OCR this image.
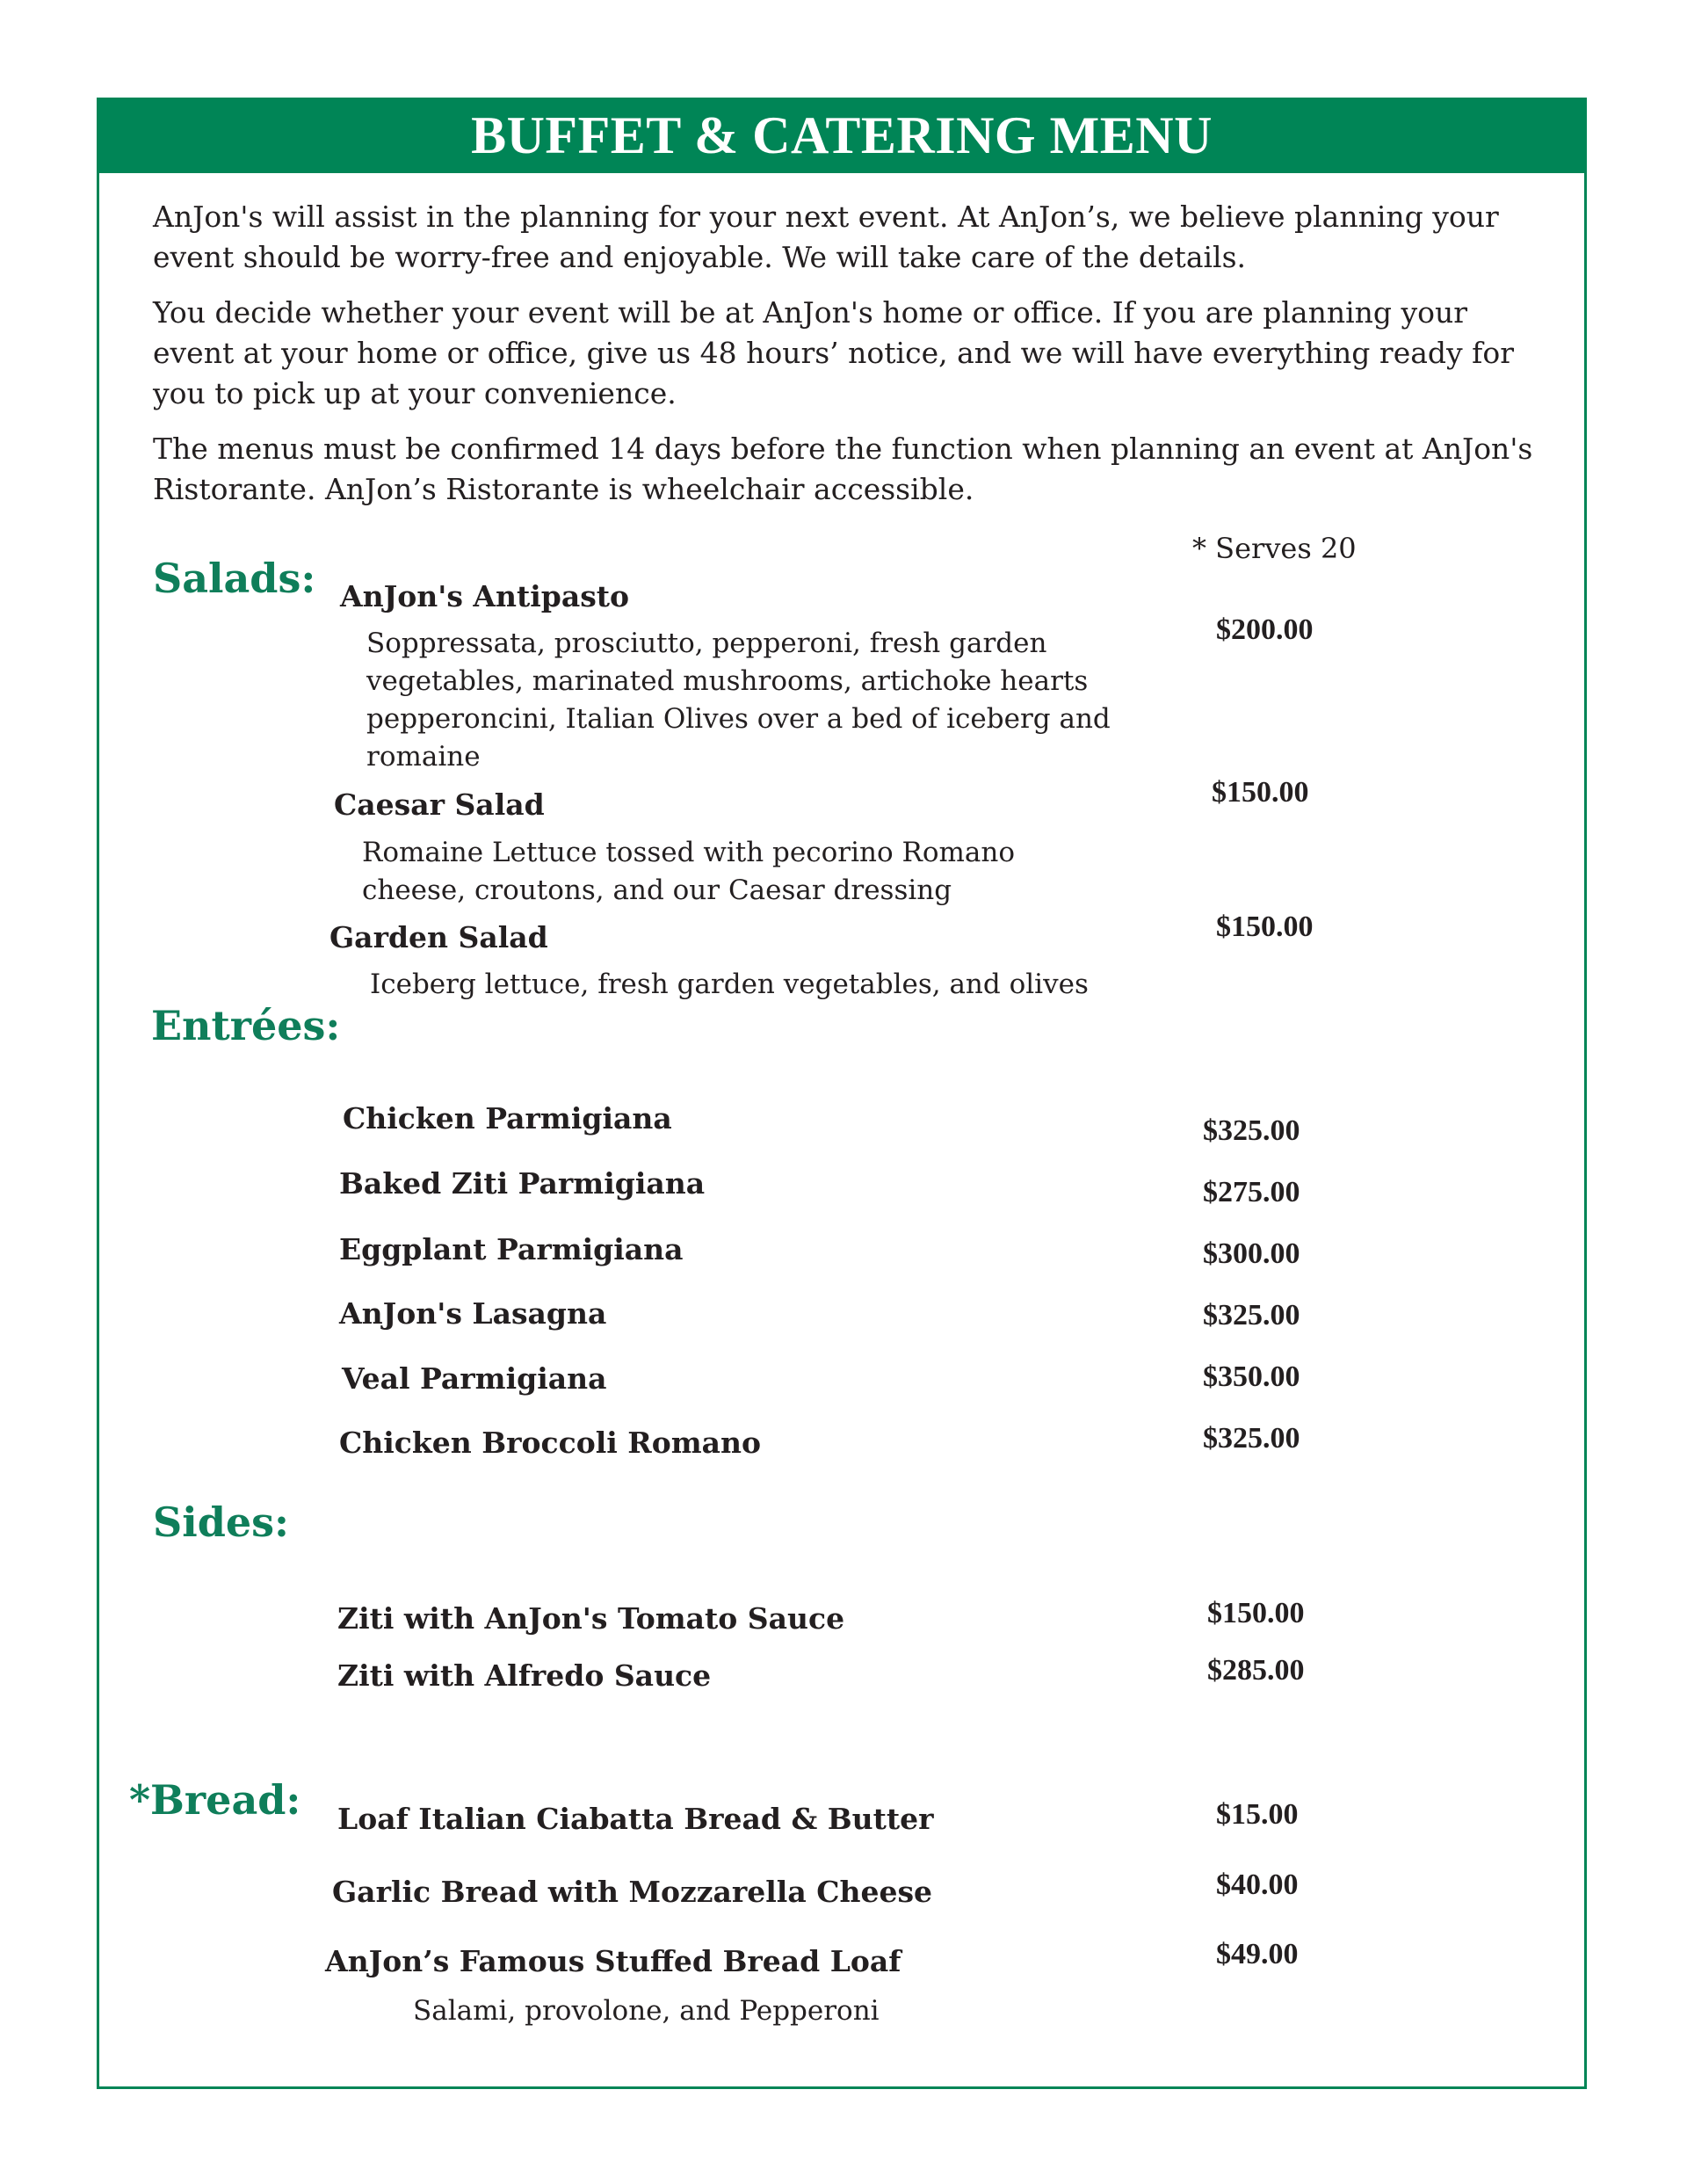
BUFFET & CATERING MENU

AnJon's will assist in the planning for your next event. At AnJon’s, we believe planning your event should be worry-free and enjoyable. We will take care of the details.

You decide whether your event will be at AnJon's home or office. If you are planning your event at your home or office, give us 48 hours’ notice, and we will have everything ready for you to pick up at your convenience.

The menus must be confirmed 14 days before the function when planning an event at AnJon's Ristorante. AnJon’s Ristorante is wheelchair accessible.

* Serves 20
Salads: AnJon's Antipasto
$200.00
Soppressata, prosciutto, pepperoni, fresh garden vegetables, marinated mushrooms, artichoke hearts pepperoncini, Italian Olives over a bed of iceberg and romaine
Caesar Salad	$150.00
Romaine Lettuce tossed with pecorino Romano cheese, croutons, and our Caesar dressing
Garden Salad	$150.00
Iceberg lettuce, fresh garden vegetables, and olives
Entrées:
Chicken Parmigiana	$325.00
Baked Ziti Parmigiana	$275.00
Eggplant Parmigiana	$300.00
AnJon's Lasagna	$325.00
Veal Parmigiana	$350.00
Chicken Broccoli Romano	$325.00
Sides:
Ziti with AnJon's Tomato Sauce	$150.00
Ziti with Alfredo Sauce	$285.00
*Bread: Loaf Italian Ciabatta Bread & Butter	$15.00
Garlic Bread with Mozzarella Cheese	$40.00
AnJon’s Famous Stuffed Bread Loaf	$49.00
Salami, provolone, and Pepperoni
